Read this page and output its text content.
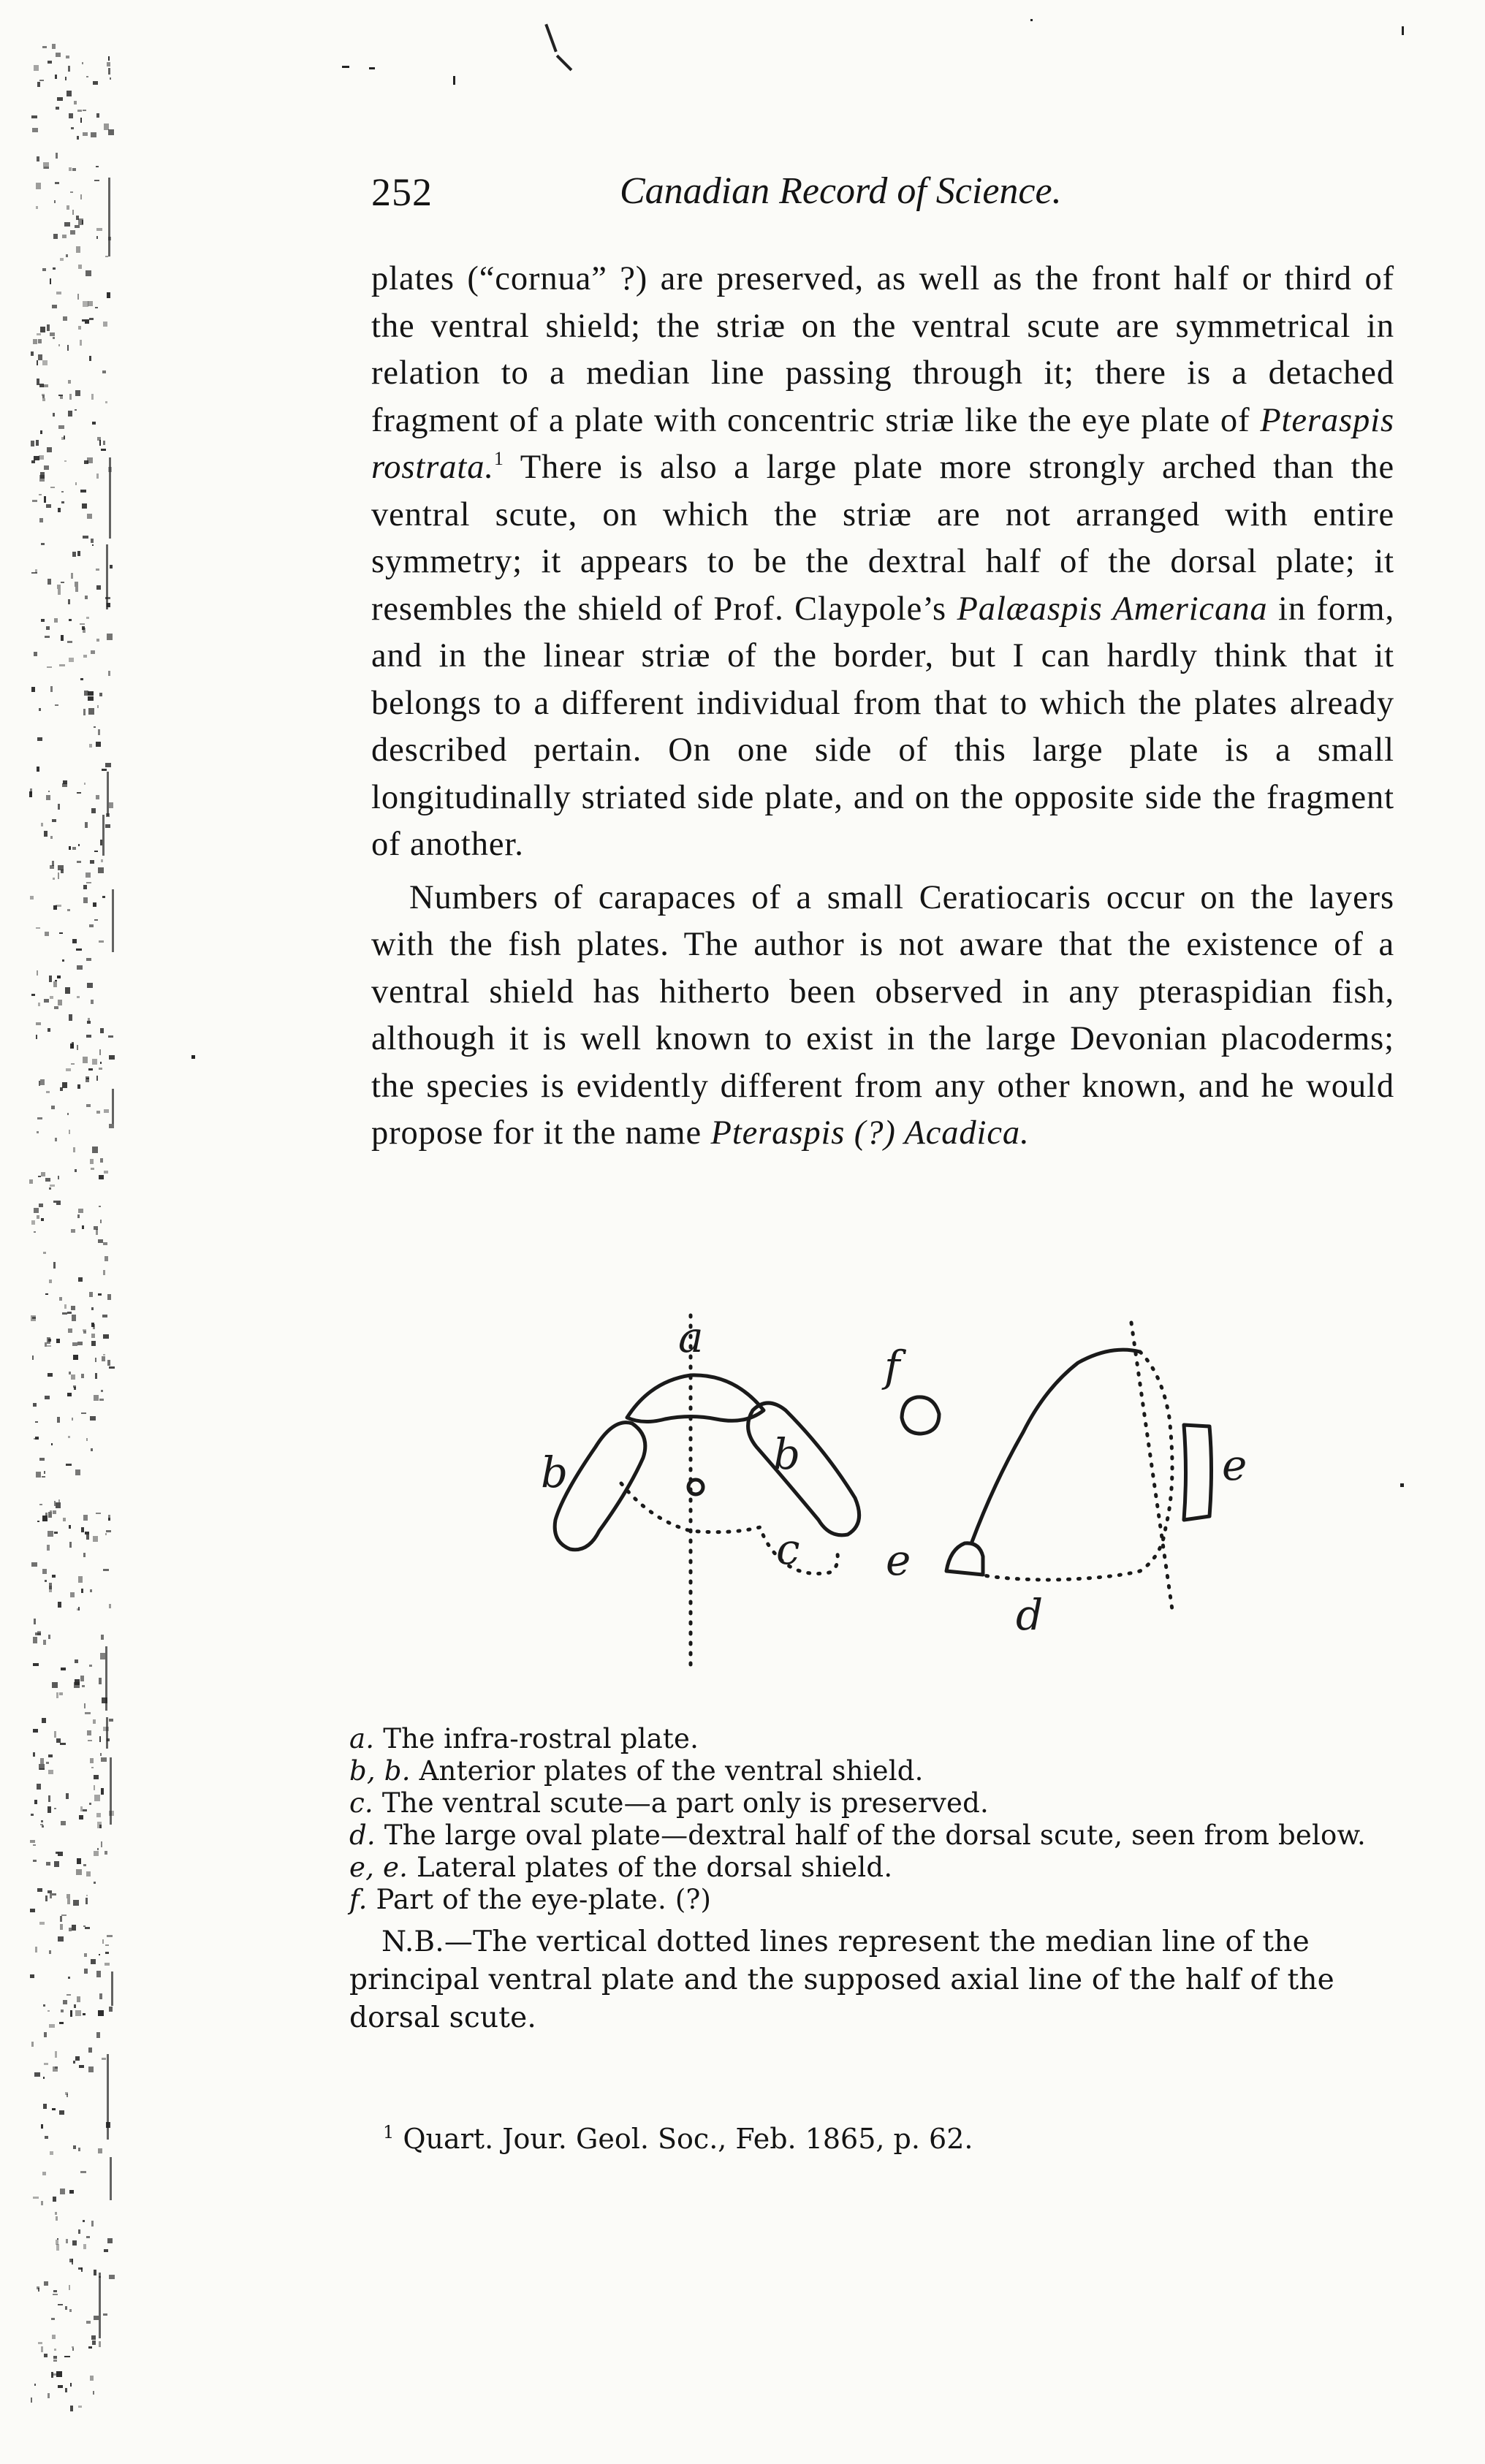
252	Canadian Record of Science.

plates (“cornua” ?) are preserved, as well as the front half or third of the ventral shield; the striæ on the ventral scute are symmetrical in relation to a median line passing through it; there is a detached fragment of a plate with concentric striæ like the eye plate of Pteraspis rostrata.$^1$ There is also a large plate more strongly arched than the ventral scute, on which the striæ are not arranged with entire symmetry; it appears to be the dextral half of the dorsal plate; it resembles the shield of Prof. Claypole’s Palæaspis Americana in form, and in the linear striæ of the border, but I can hardly think that it belongs to a different individual from that to which the plates already described pertain. On one side of this large plate is a small longitudinally striated side plate, and on the opposite side the fragment of another.

Numbers of carapaces of a small Ceratiocaris occur on the layers with the fish plates. The author is not aware that the existence of a ventral shield has hitherto been observed in any pteraspidian fish, although it is well known to exist in the large Devonian placoderms; the species is evidently different from any other known, and he would propose for it the name Pteraspis (?) Acadica.

a
b	b
c e
f
e
d

a. The infra-rostral plate.

b, b. Anterior plates of the ventral shield.

c. The ventral scute—a part only is preserved.

d. The large oval plate—dextral half of the dorsal scute, seen from below.

e, e. Lateral plates of the dorsal shield.

f. Part of the eye-plate. (?)

N.B.—The vertical dotted lines represent the median line of the principal ventral plate and the supposed axial line of the half of the dorsal scute.

$^1$ Quart. Jour. Geol. Soc., Feb. 1865, p. 62.
